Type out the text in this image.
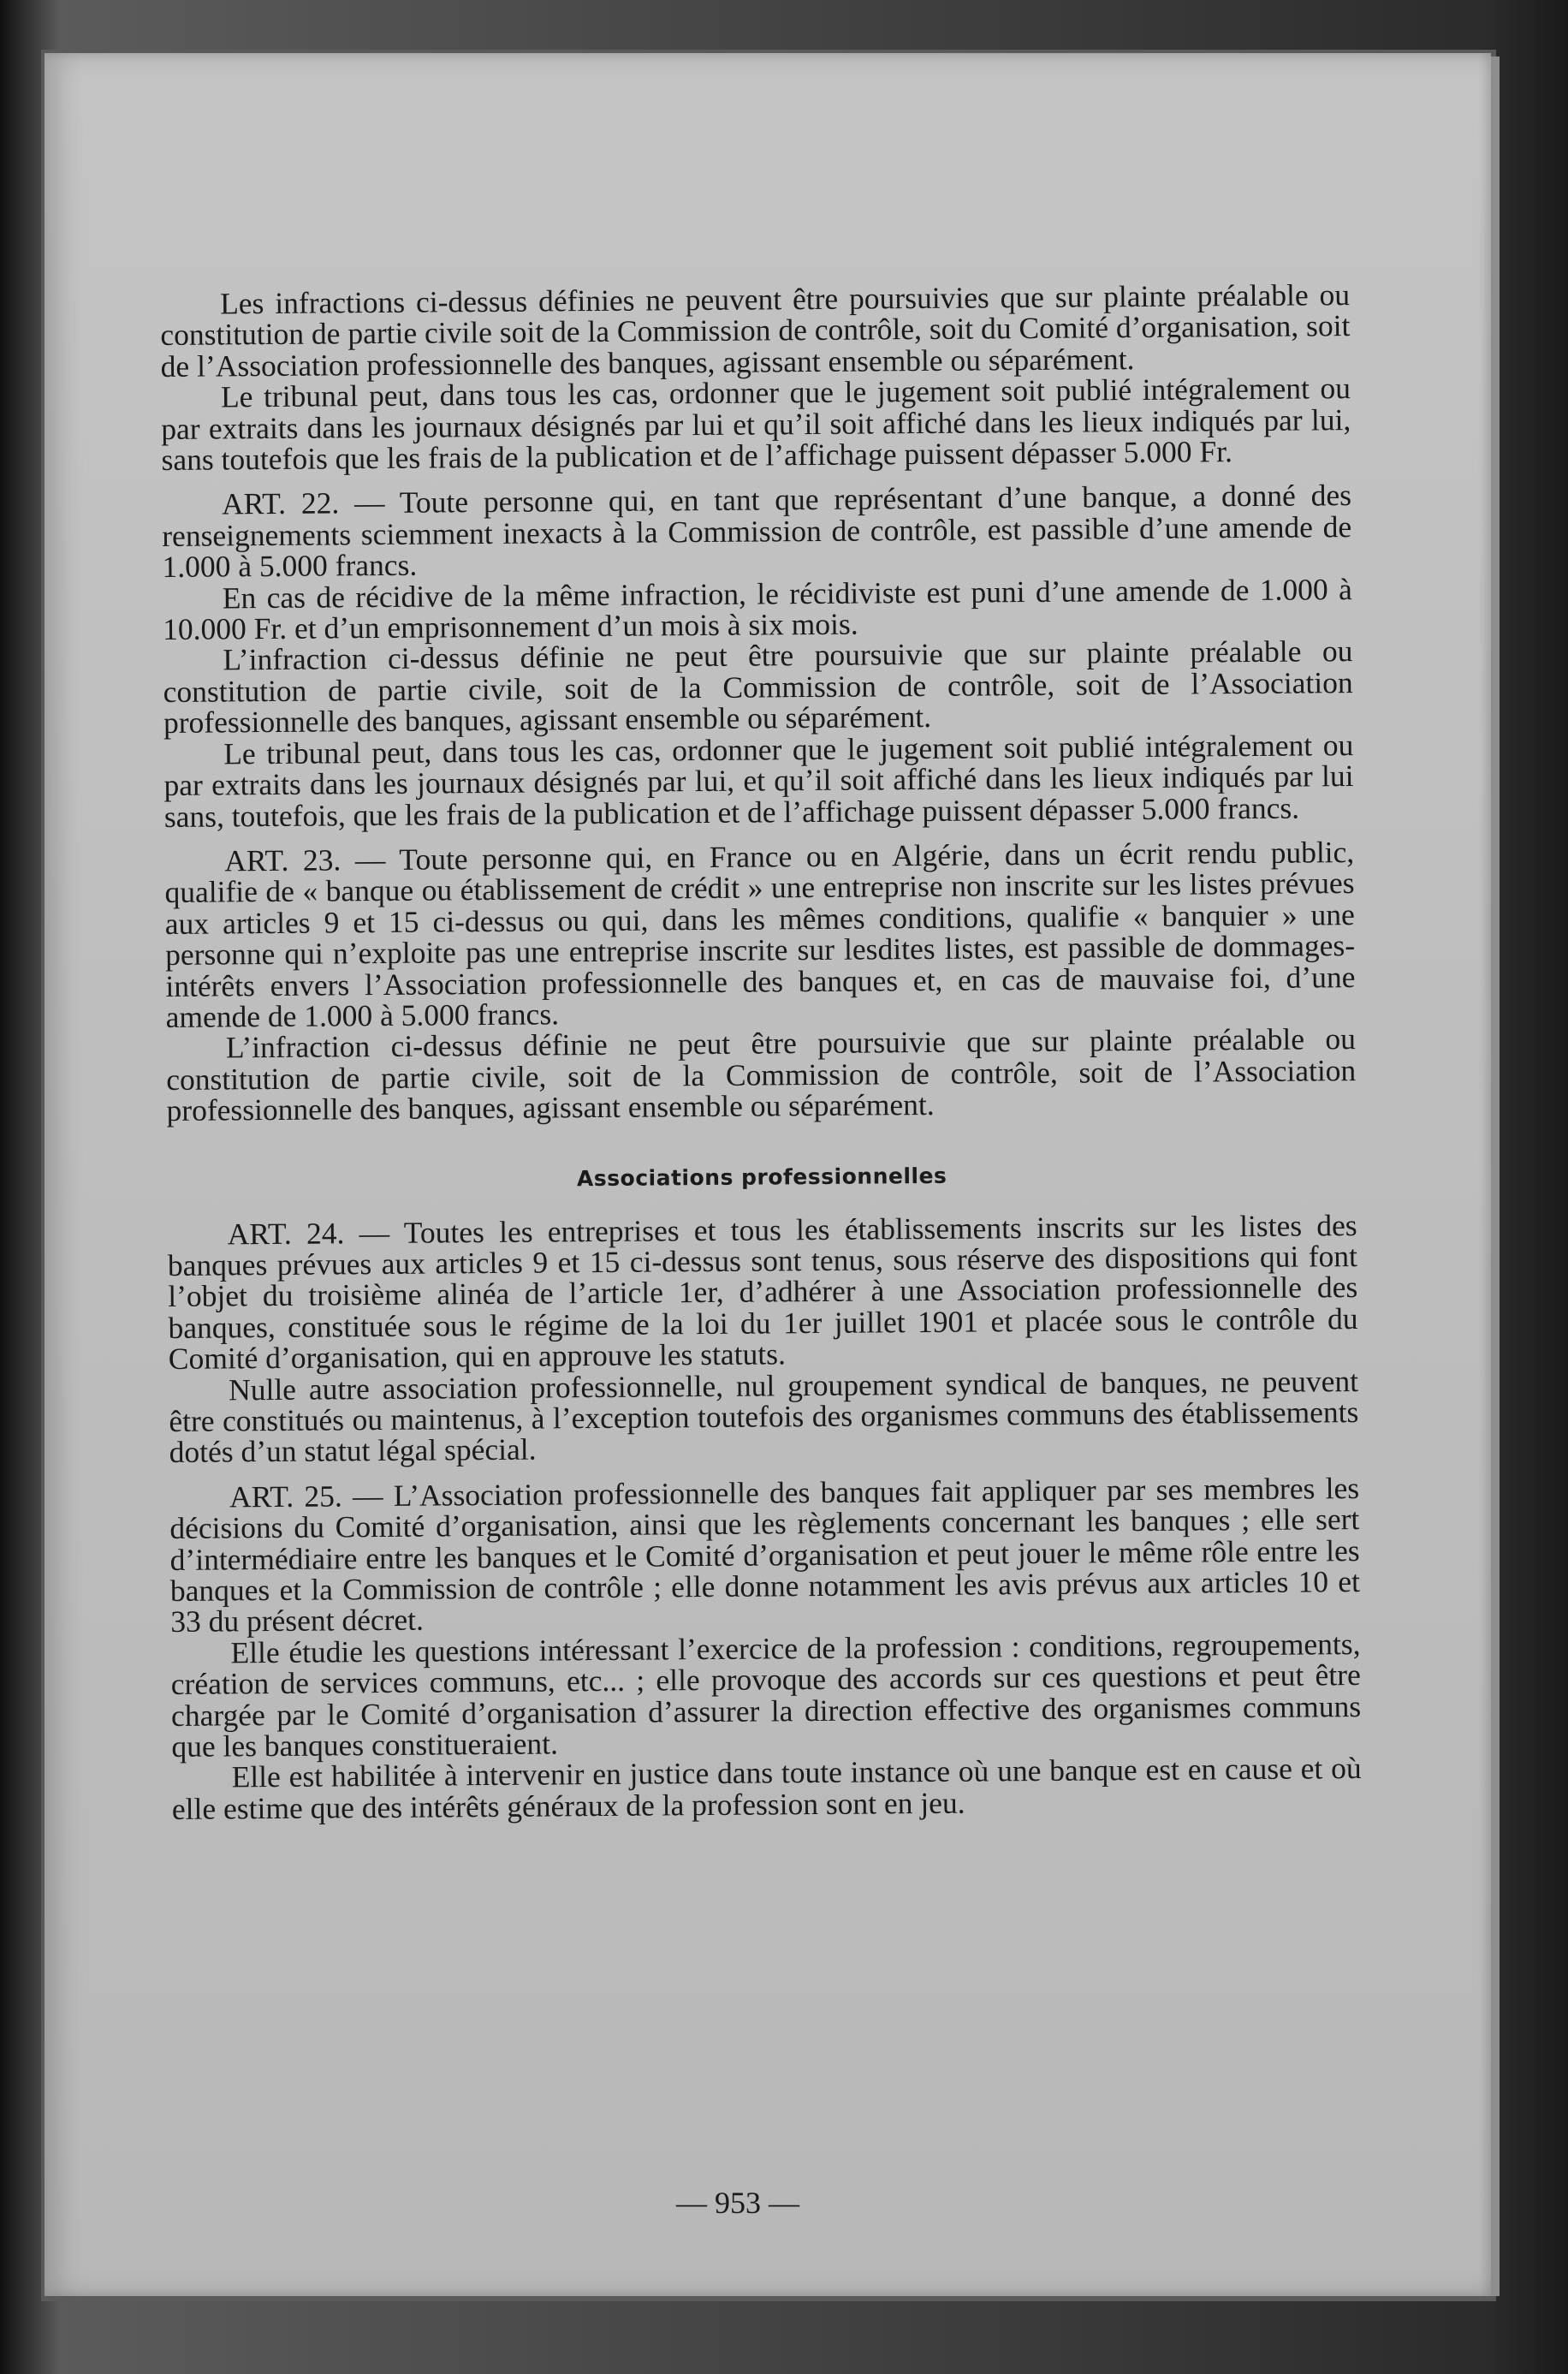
Les infractions ci-dessus définies ne peuvent être poursuivies que sur plainte préalable ou constitution de partie civile soit de la Commission de contrôle, soit du Comité d’organisation, soit de l’Association professionnelle des banques, agissant ensemble ou séparément.

Le tribunal peut, dans tous les cas, ordonner que le jugement soit publié intégralement ou par extraits dans les journaux désignés par lui et qu’il soit affiché dans les lieux indiqués par lui, sans toutefois que les frais de la publication et de l’affichage puissent dépasser 5.000 Fr.

ART. 22. — Toute personne qui, en tant que représentant d’une banque, a donné des renseignements sciemment inexacts à la Commission de contrôle, est passible d’une amende de 1.000 à 5.000 francs.

En cas de récidive de la même infraction, le récidiviste est puni d’une amende de 1.000 à 10.000 Fr. et d’un emprisonnement d’un mois à six mois.

L’infraction ci-dessus définie ne peut être poursuivie que sur plainte préalable ou constitution de partie civile, soit de la Commission de contrôle, soit de l’Association professionnelle des banques, agissant ensemble ou séparément.

Le tribunal peut, dans tous les cas, ordonner que le jugement soit publié intégralement ou par extraits dans les journaux désignés par lui, et qu’il soit affiché dans les lieux indiqués par lui sans, toutefois, que les frais de la publication et de l’affichage puissent dépasser 5.000 francs.

ART. 23. — Toute personne qui, en France ou en Algérie, dans un écrit rendu public, qualifie de « banque ou établissement de crédit » une entreprise non inscrite sur les listes prévues aux articles 9 et 15 ci-dessus ou qui, dans les mêmes conditions, qualifie « banquier » une personne qui n’exploite pas une entreprise inscrite sur lesdites listes, est passible de dommages-intérêts envers l’Association professionnelle des banques et, en cas de mauvaise foi, d’une amende de 1.000 à 5.000 francs.

L’infraction ci-dessus définie ne peut être poursuivie que sur plainte préalable ou constitution de partie civile, soit de la Commission de contrôle, soit de l’Association professionnelle des banques, agissant ensemble ou séparément.

Associations professionnelles

ART. 24. — Toutes les entreprises et tous les établissements inscrits sur les listes des banques prévues aux articles 9 et 15 ci-dessus sont tenus, sous réserve des dispositions qui font l’objet du troisième alinéa de l’article 1er, d’adhérer à une Association professionnelle des banques, constituée sous le régime de la loi du 1er juillet 1901 et placée sous le contrôle du Comité d’organisation, qui en approuve les statuts.

Nulle autre association professionnelle, nul groupement syndical de banques, ne peuvent être constitués ou maintenus, à l’exception toutefois des organismes communs des établissements dotés d’un statut légal spécial.

ART. 25. — L’Association professionnelle des banques fait appliquer par ses membres les décisions du Comité d’organisation, ainsi que les règlements concernant les banques ; elle sert d’intermédiaire entre les banques et le Comité d’organisation et peut jouer le même rôle entre les banques et la Commission de contrôle ; elle donne notamment les avis prévus aux articles 10 et 33 du présent décret.

Elle étudie les questions intéressant l’exercice de la profession : conditions, regroupements, création de services communs, etc... ; elle provoque des accords sur ces questions et peut être chargée par le Comité d’organisation d’assurer la direction effective des organismes communs que les banques constitueraient.

Elle est habilitée à intervenir en justice dans toute instance où une banque est en cause et où elle estime que des intérêts généraux de la profession sont en jeu.

— 953 —
